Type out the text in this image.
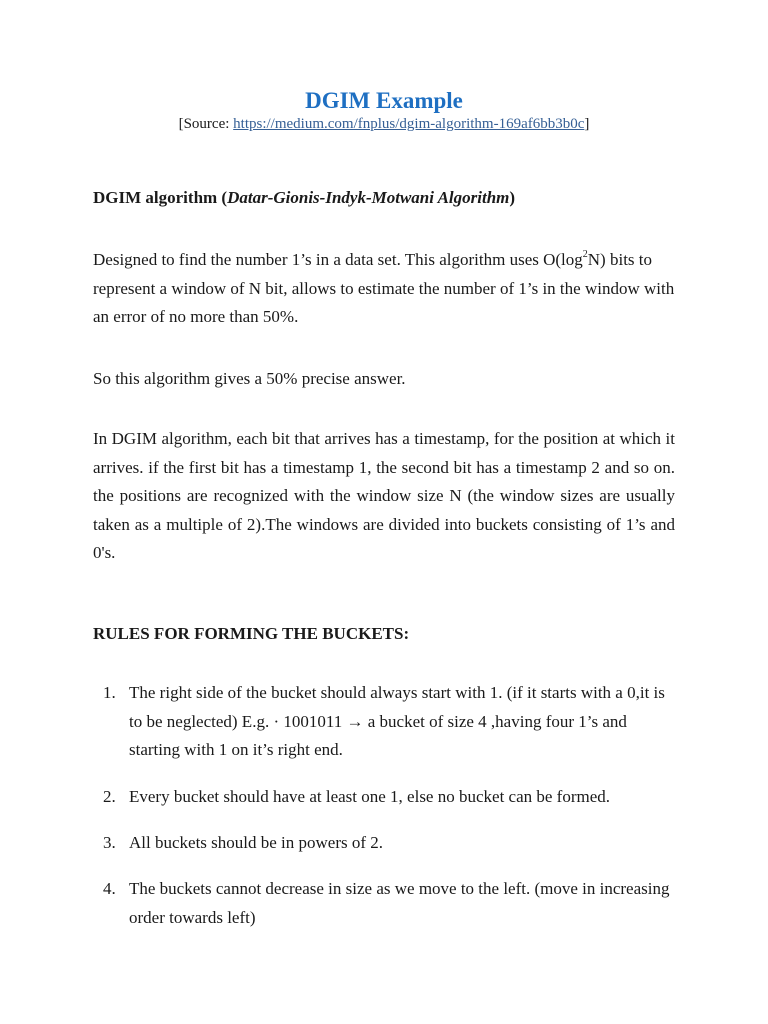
DGIM Example
[Source: https://medium.com/fnplus/dgim-algorithm-169af6bb3b0c]
DGIM algorithm (Datar-Gionis-Indyk-Motwani Algorithm)
Designed to find the number 1’s in a data set. This algorithm uses $O(\log^2N)$ bits to represent a window of N bit, allows to estimate the number of 1’s in the window with an error of no more than 50%.
So this algorithm gives a 50% precise answer.
In DGIM algorithm, each bit that arrives has a timestamp, for the position at which it arrives. if the first bit has a timestamp 1, the second bit has a timestamp 2 and so on. the positions are recognized with the window size N (the window sizes are usually taken as a multiple of 2).The windows are divided into buckets consisting of 1’s and 0's.
RULES FOR FORMING THE BUCKETS:
1. The right side of the bucket should always start with 1. (if it starts with a 0,it is to be neglected) E.g. · 1001011 → a bucket of size 4 ,having four 1’s and starting with 1 on it’s right end.
2. Every bucket should have at least one 1, else no bucket can be formed.
3. All buckets should be in powers of 2.
4. The buckets cannot decrease in size as we move to the left. (move in increasing order towards left)
